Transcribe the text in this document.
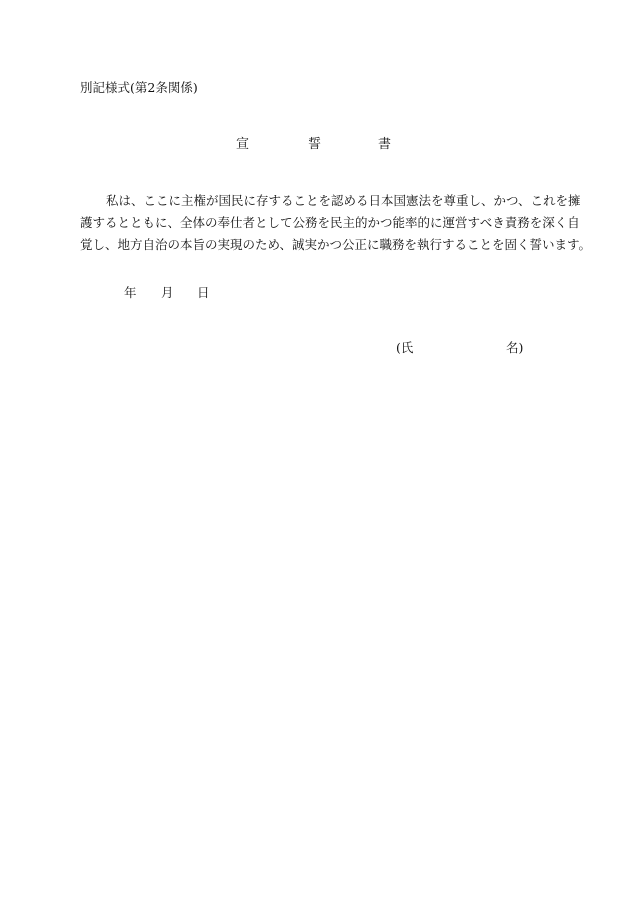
別記様式(第2条関係)
宣	誓	書
私は、ここに主権が国民に存することを認める日本国憲法を尊重し、かつ、これを擁
護するとともに、全体の奉仕者として公務を民主的かつ能率的に運営すべき責務を深く自
覚し、地方自治の本旨の実現のため、誠実かつ公正に職務を執行することを固く誓います。
年 月 日
(氏	名)
